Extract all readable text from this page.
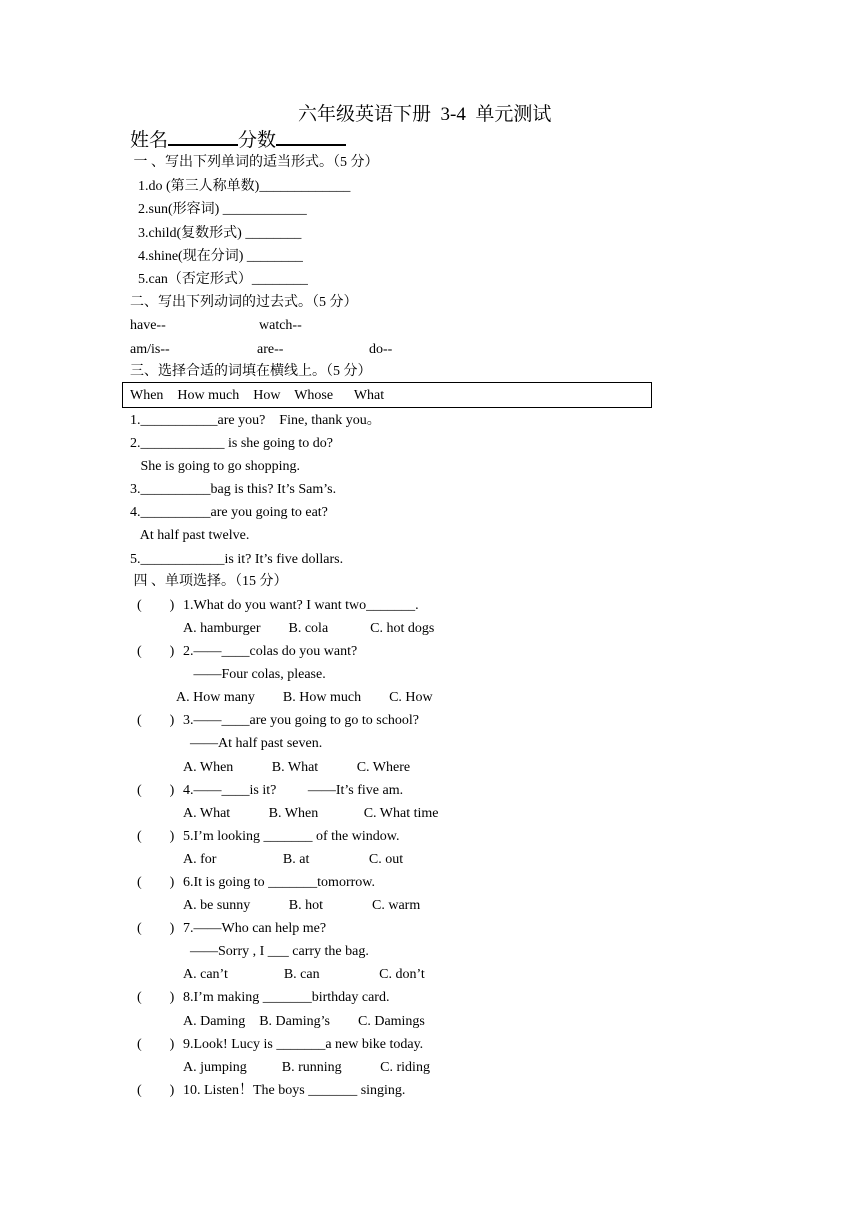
六年级英语下册  3-4  单元测试
姓名	分数
一 、写出下列单词的适当形式。（5 分）
1.do (第三人称单数)_____________
2.sun(形容词) ____________
3.child(复数形式) ________
4.shine(现在分词) ________
5.can（否定形式）________
二、写出下列动词的过去式。（5 分）
have--	watch--
am/is--	are--	do--
三、选择合适的词填在横线上。（5 分）
When    How much    How    Whose      What
1.___________are you?    Fine, thank you。
2.____________ is she going to do?
She is going to go shopping.
3.__________bag is this? It’s Sam’s.
4.__________are you going to eat?
At half past twelve.
5.____________is it? It’s five dollars.
四 、单项选择。（15 分）
(        ) 1.What do you want? I want two_______.
A. hamburger        B. cola            C. hot dogs
(        ) 2.——____colas do you want?
——Four colas, please.
A. How many        B. How much        C. How
(        ) 3.——____are you going to go to school?
——At half past seven.
A. When           B. What           C. Where
(        ) 4.——____is it?         ——It’s five am.
A. What           B. When             C. What time
(        ) 5.I’m looking _______ of the window.
A. for                   B. at                 C. out
(        ) 6.It is going to _______tomorrow.
A. be sunny           B. hot              C. warm
(        ) 7.——Who can help me?
——Sorry , I ___ carry the bag.
A. can’t                B. can                 C. don’t
(        ) 8.I’m making _______birthday card.
A. Daming    B. Daming’s        C. Damings
(        ) 9.Look! Lucy is _______a new bike today.
A. jumping          B. running           C. riding
(        ) 10. Listen！The boys _______ singing.
